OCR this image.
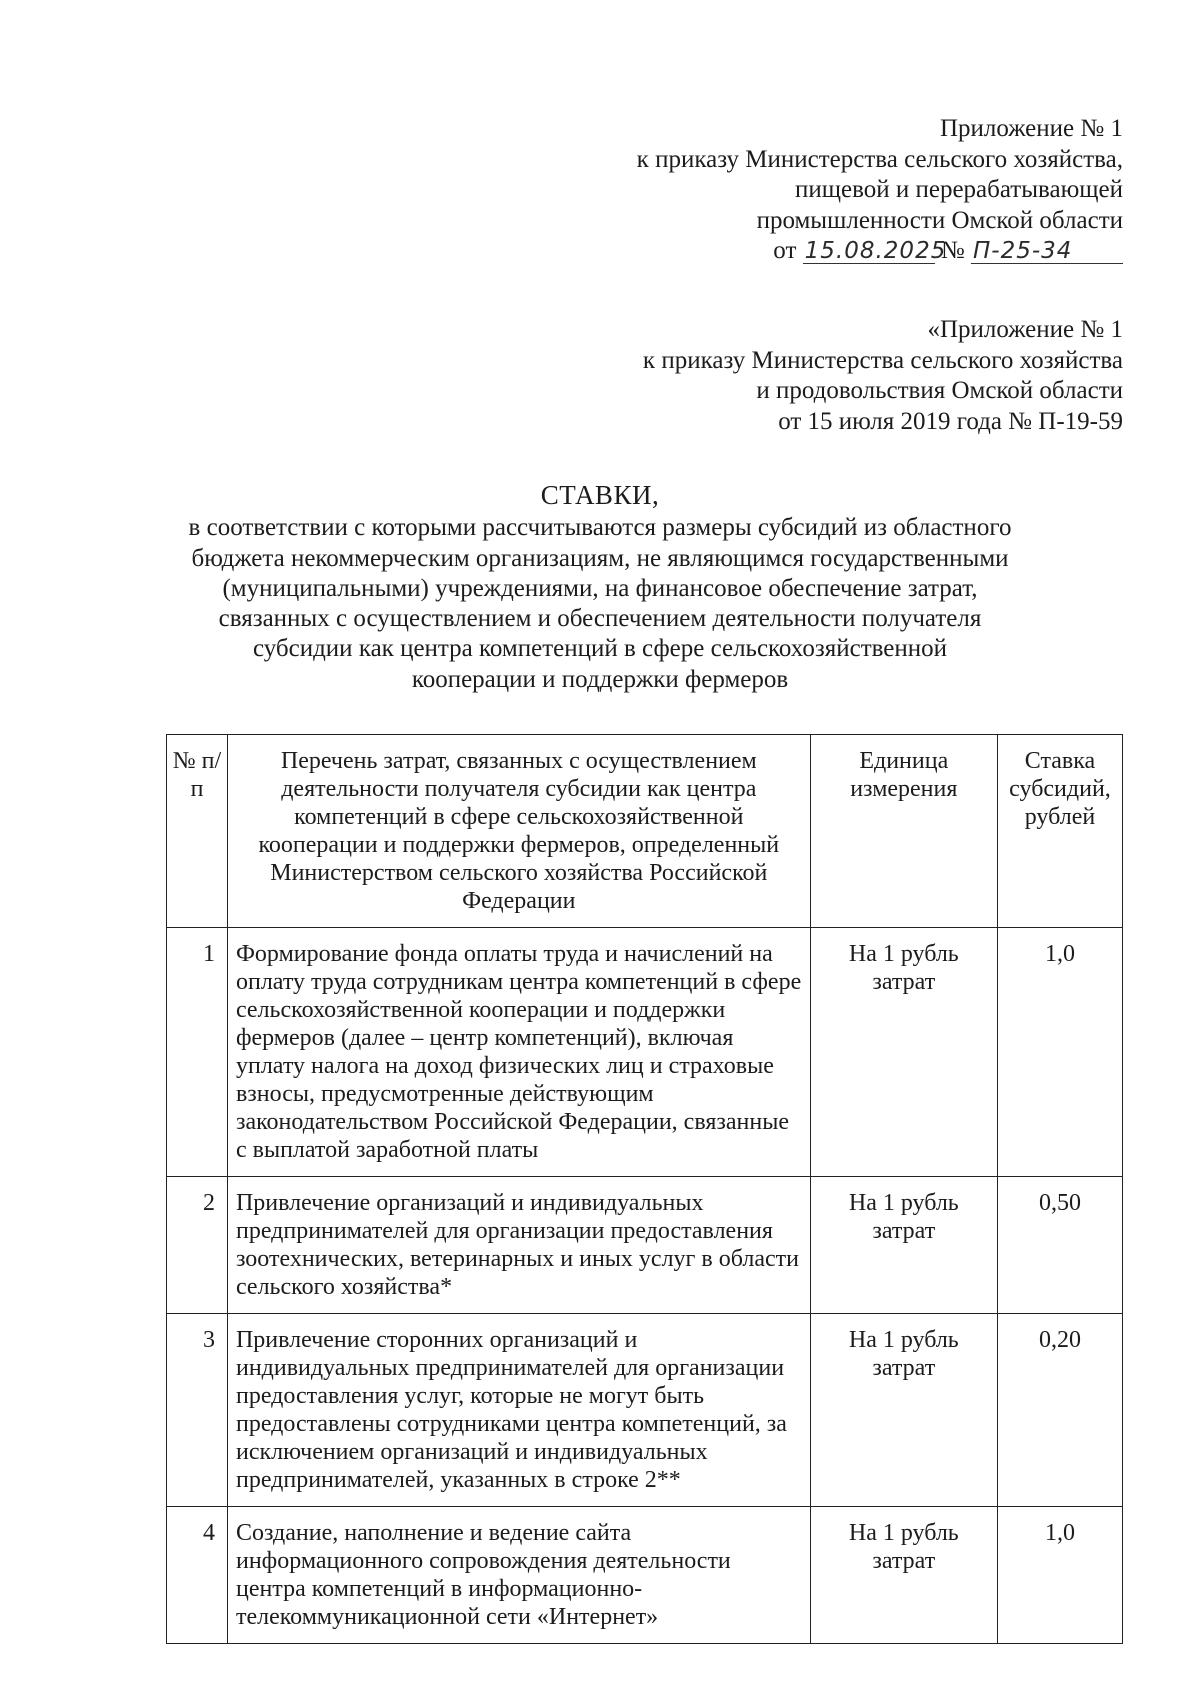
Приложение № 1
к приказу Министерства сельского хозяйства,
пищевой и перерабатывающей
промышленности Омской области
от 15.08.2025 № П-25-34
«Приложение № 1
к приказу Министерства сельского хозяйства
и продовольствия Омской области
от 15 июля 2019 года № П-19-59
СТАВКИ,
в соответствии с которыми рассчитываются размеры субсидий из областного
бюджета некоммерческим организациям, не являющимся государственными
(муниципальными) учреждениями, на финансовое обеспечение затрат,
связанных с осуществлением и обеспечением деятельности получателя
субсидии как центра компетенций в сфере сельскохозяйственной
кооперации и поддержки фермеров
№ п/п	Перечень затрат, связанных с осуществлением деятельности получателя субсидии как центра компетенций в сфере сельскохозяйственной кооперации и поддержки фермеров, определенный Министерством сельского хозяйства Российской Федерации	Единица измерения	Ставка субсидий, рублей
1	Формирование фонда оплаты труда и начислений на оплату труда сотрудникам центра компетенций в сфере сельскохозяйственной кооперации и поддержки фермеров (далее – центр компетенций), включая уплату налога на доход физических лиц и страховые взносы, предусмотренные действующим законодательством Российской Федерации, связанные с выплатой заработной платы	На 1 рубль затрат	1,0
2	Привлечение организаций и индивидуальных предпринимателей для организации предоставления зоотехнических, ветеринарных и иных услуг в области сельского хозяйства*	На 1 рубль затрат	0,50
3	Привлечение сторонних организаций и индивидуальных предпринимателей для организации предоставления услуг, которые не могут быть предоставлены сотрудниками центра компетенций, за исключением организаций и индивидуальных предпринимателей, указанных в строке 2**	На 1 рубль затрат	0,20
4	Создание, наполнение и ведение сайта информационного сопровождения деятельности центра компетенций в информационно-телекоммуникационной сети «Интернет»	На 1 рубль затрат	1,0
